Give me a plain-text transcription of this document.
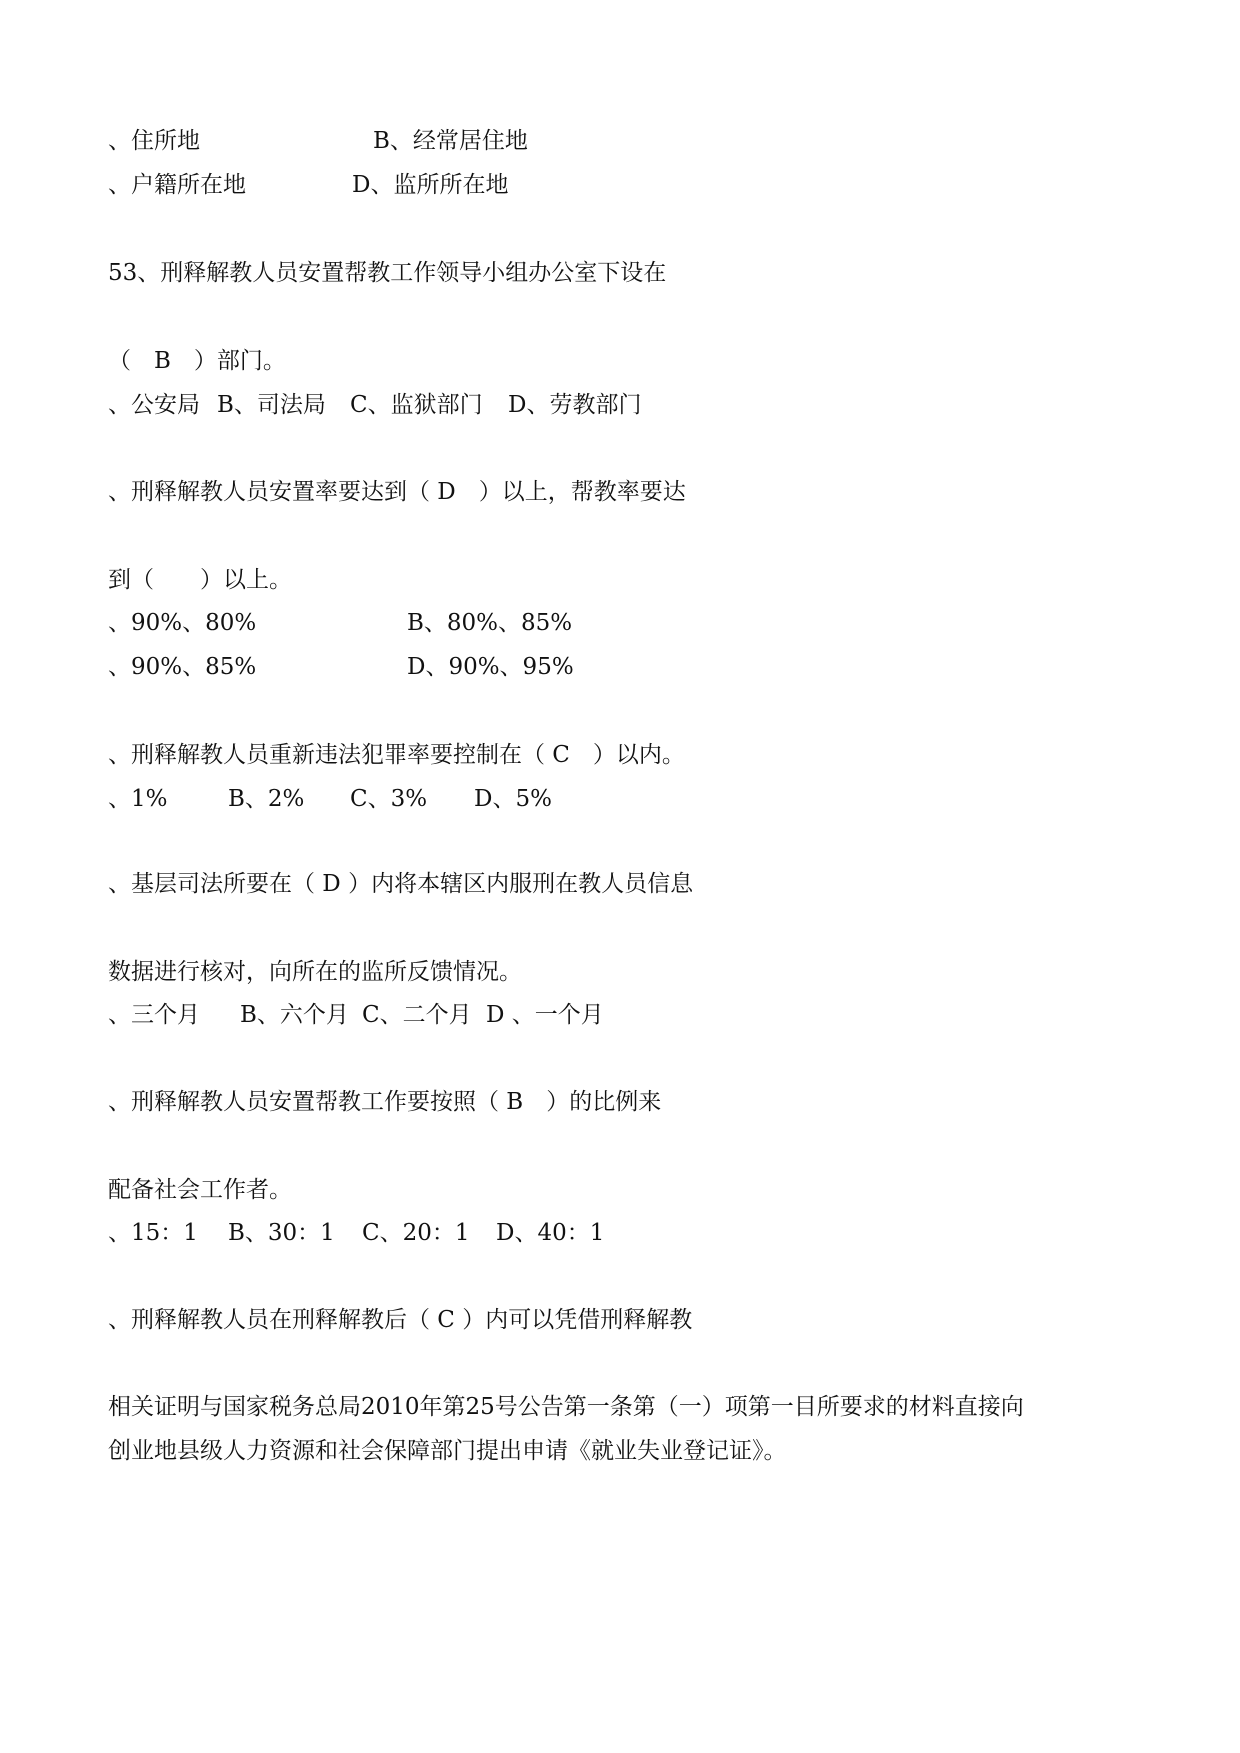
、住所地	B、经常居住地
、户籍所在地	D、监所所在地
53、刑释解教人员安置帮教工作领导小组办公室下设在
（　B　）部门。
、公安局 B、司法局 C、监狱部门 D、劳教部门
、刑释解教人员安置率要达到（ D　）以上，帮教率要达
到（　　）以上。
、90%、80%	B、80%、85%
、90%、85%	D、90%、95%
、刑释解教人员重新违法犯罪率要控制在（ C　）以内。
、1%	B、2% C、3% D、5%
、基层司法所要在（ D ）内将本辖区内服刑在教人员信息
数据进行核对，向所在的监所反馈情况。
、三个月 B、六个月 C、二个月 D 、一个月
、刑释解教人员安置帮教工作要按照（ B　）的比例来
配备社会工作者。
、15：1 B、30：1 C、20：1 D、40：1
、刑释解教人员在刑释解教后（ C ）内可以凭借刑释解教
相关证明与国家税务总局2010年第25号公告第一条第（一）项第一目所要求的材料直接向
创业地县级人力资源和社会保障部门提出申请《就业失业登记证》。
